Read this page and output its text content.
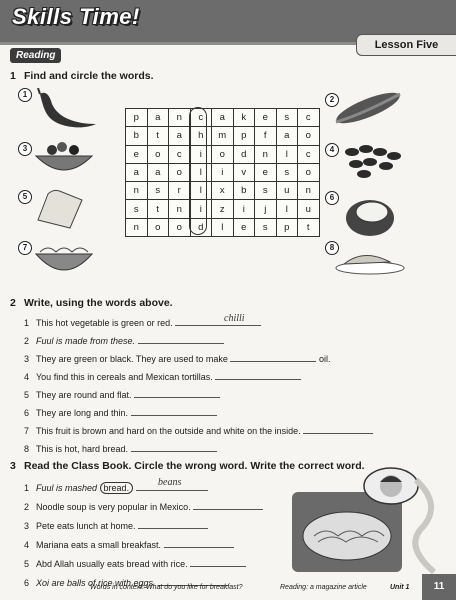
Skills Time!
Lesson Five
Reading
1 Find and circle the words.
1
2
3	4
5	6
7	8
p	a	n	c	a	k	e	s	c
b	t	a	h	m	p	f	a	o
e	o	c	i	o	d	n	l	c
a	a	o	l	i	v	e	s	o
n	s	r	l	x	b	s	u	n
s	t	n	i	z	i	j	l	u
n	o	o	d	l	e	s	p	t
2 Write, using the words above.
1 This hot vegetable is green or red.	chilli
2 Fuul is made from these.
3 They are green or black. They are used to make	oil.
4 You find this in cereals and Mexican tortillas.
5 They are round and flat.
6 They are long and thin.
7 This fruit is brown and hard on the outside and white on the inside.
8 This is hot, hard bread.
3 Read the Class Book. Circle the wrong word. Write the correct word.
1 Fuul is mashed bread.	beans
2 Noodle soup is very popular in Mexico.
3 Pete eats lunch at home.
4 Mariana eats a small breakfast.
5 Abd Allah usually eats bread with rice.
6 Xoi are balls of rice with eggs.
Words in context: What do you like for breakfast?	Reading: a magazine article	Unit 1	11
